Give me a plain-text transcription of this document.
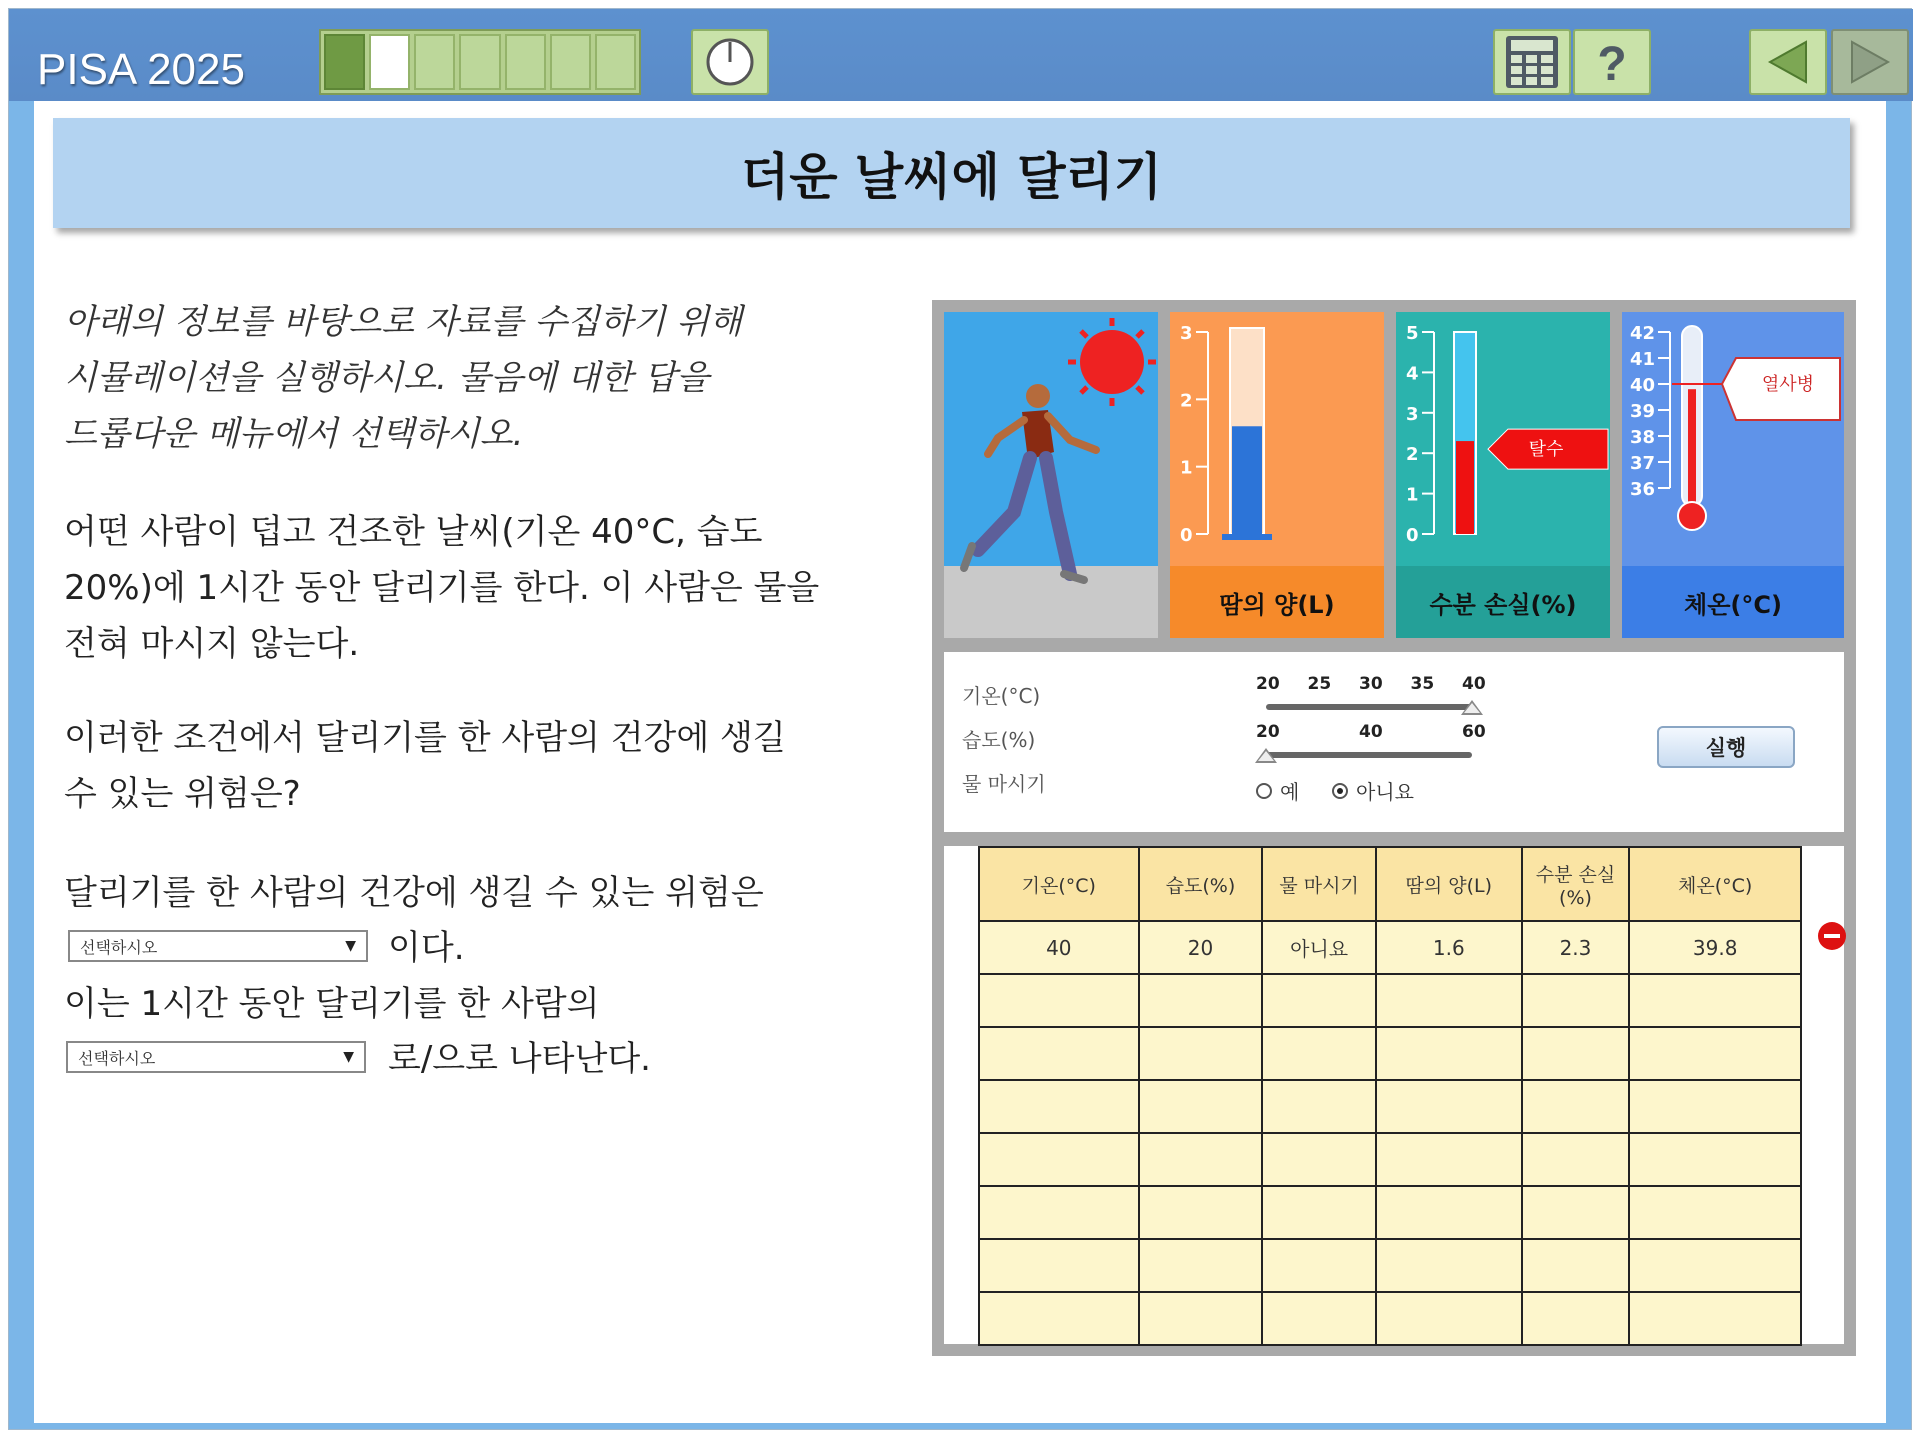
PISA 2025	?
더운 날씨에 달리기
아래의 정보를 바탕으로 자료를 수집하기 위해
시뮬레이션을 실행하시오. 물음에 대한 답을
드롭다운 메뉴에서 선택하시오.
어떤 사람이 덥고 건조한 날씨(기온 40°C, 습도
20%)에 1시간 동안 달리기를 한다. 이 사람은 물을
전혀 마시지 않는다.
이러한 조건에서 달리기를 한 사람의 건강에 생길
수 있는 위험은?
달리기를 한 사람의 건강에 생길 수 있는 위험은
선택하시오	▼ 이다.
이는 1시간 동안 달리기를 한 사람의
선택하시오	▼ 로/으로 나타난다.
3
2
1
0
땀의 양(L)
5
4
3
2
1
0
탈수
수분 손실(%)
42
41
40
39
38
37
36
열사병
체온(°C)
기온(°C)
습도(%)
물 마시기
20 25 30 35 40
20	40	60
예	아니요
실행
기온(°C)	습도(%)	물 마시기	땀의 양(L)	수분 손실(%)	체온(°C)
40	20	아니요	1.6	2.3	39.8
